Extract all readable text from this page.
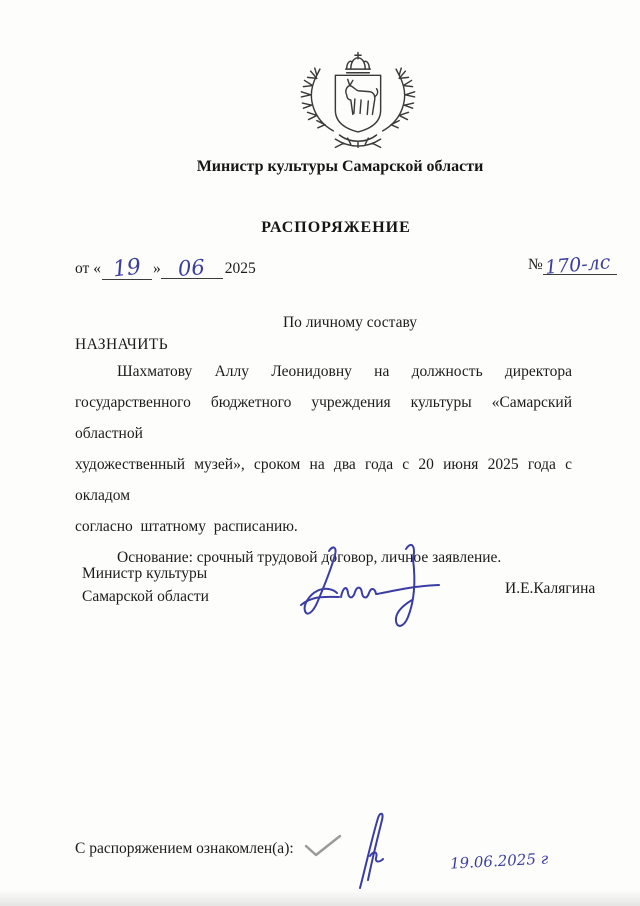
Министр культуры Самарской области
РАСПОРЯЖЕНИЕ
от « 19 » 06	2025	№170-лс
По личному составу
НАЗНАЧИТЬ
Шахматову Аллу Леонидовну на должность директора
государственного бюджетного учреждения культуры «Самарский областной
художественный музей», сроком на два года с 20 июня 2025 года с окладом
согласно  штатному  расписанию.
Основание: срочный трудовой договор, личное заявление.
Министр культуры
Самарской области	И.Е.Калягина
С распоряжением ознакомлен(а):
19.06.2025 г
